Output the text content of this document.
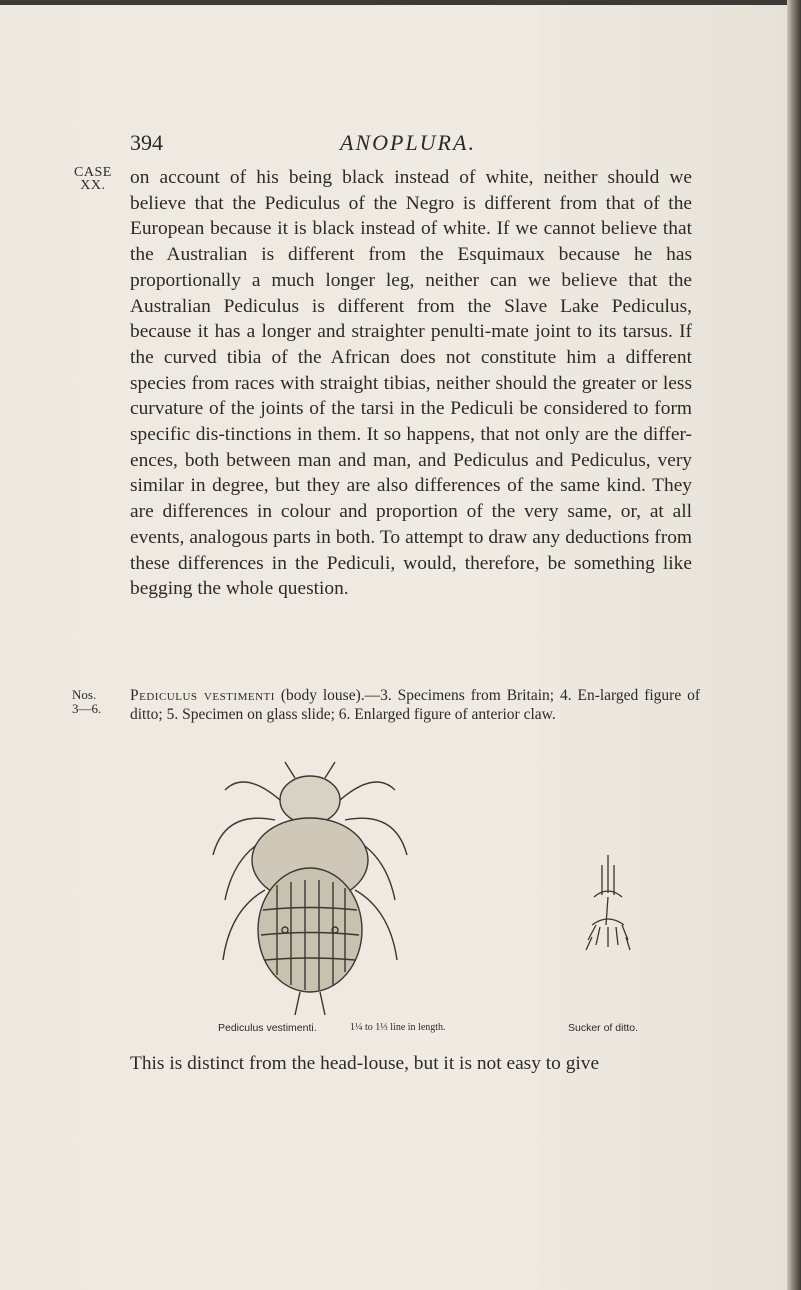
394	ANOPLURA.
CASE
XX.	on account of his being black instead of white, neither should we believe that the Pediculus of the Negro is different from that of the European because it is black instead of white. If we cannot believe that the Australian is different from the Esquimaux because he has proportionally a much longer leg, neither can we believe that the Australian Pediculus is different from the Slave Lake Pediculus, because it has a longer and straighter penulti-mate joint to its tarsus. If the curved tibia of the African does not constitute him a different species from races with straight tibias, neither should the greater or less curvature of the joints of the tarsi in the Pediculi be considered to form specific dis-tinctions in them. It so happens, that not only are the differ-ences, both between man and man, and Pediculus and Pediculus, very similar in degree, but they are also differences of the same kind. They are differences in colour and proportion of the very same, or, at all events, analogous parts in both. To attempt to draw any deductions from these differences in the Pediculi, would, therefore, be something like begging the whole question.

Nos.
3—6.

Pediculus vestimenti (body louse).—3. Specimens from Britain; 4. En-larged figure of ditto; 5. Specimen on glass slide; 6. Enlarged figure of anterior claw.

Pediculus vestimenti.	1¼ to 1⅓ line in length.	Sucker of ditto.

This is distinct from the head-louse, but it is not easy to give
